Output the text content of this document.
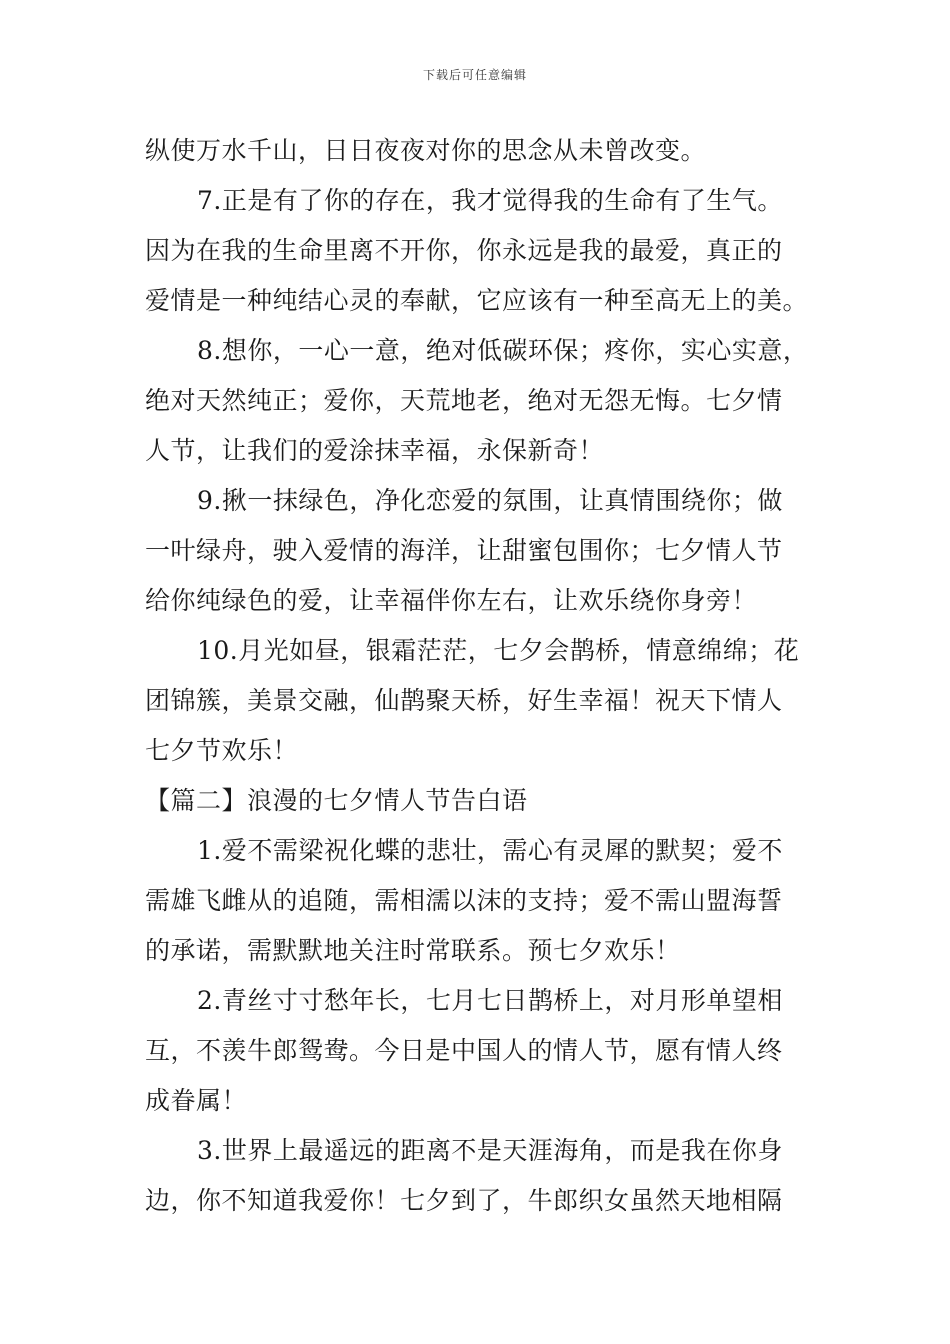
下载后可任意编辑
纵使万水千山，日日夜夜对你的思念从未曾改变。
7.正是有了你的存在，我才觉得我的生命有了生气。
因为在我的生命里离不开你，你永远是我的最爱，真正的
爱情是一种纯结心灵的奉献，它应该有一种至高无上的美。
8.想你，一心一意，绝对低碳环保；疼你，实心实意，
绝对天然纯正；爱你，天荒地老，绝对无怨无悔。七夕情
人节，让我们的爱涂抹幸福，永保新奇！
9.揪一抹绿色，净化恋爱的氛围，让真情围绕你；做
一叶绿舟，驶入爱情的海洋，让甜蜜包围你；七夕情人节
给你纯绿色的爱，让幸福伴你左右，让欢乐绕你身旁！
10.月光如昼，银霜茫茫，七夕会鹊桥，情意绵绵；花
团锦簇，美景交融，仙鹊聚天桥，好生幸福！祝天下情人
七夕节欢乐！
【篇二】浪漫的七夕情人节告白语
1.爱不需梁祝化蝶的悲壮，需心有灵犀的默契；爱不
需雄飞雌从的追随，需相濡以沫的支持；爱不需山盟海誓
的承诺，需默默地关注时常联系。预七夕欢乐！
2.青丝寸寸愁年长，七月七日鹊桥上，对月形单望相
互，不羡牛郎鸳鸯。今日是中国人的情人节，愿有情人终
成眷属！
3.世界上最遥远的距离不是天涯海角，而是我在你身
边，你不知道我爱你！七夕到了，牛郎织女虽然天地相隔
